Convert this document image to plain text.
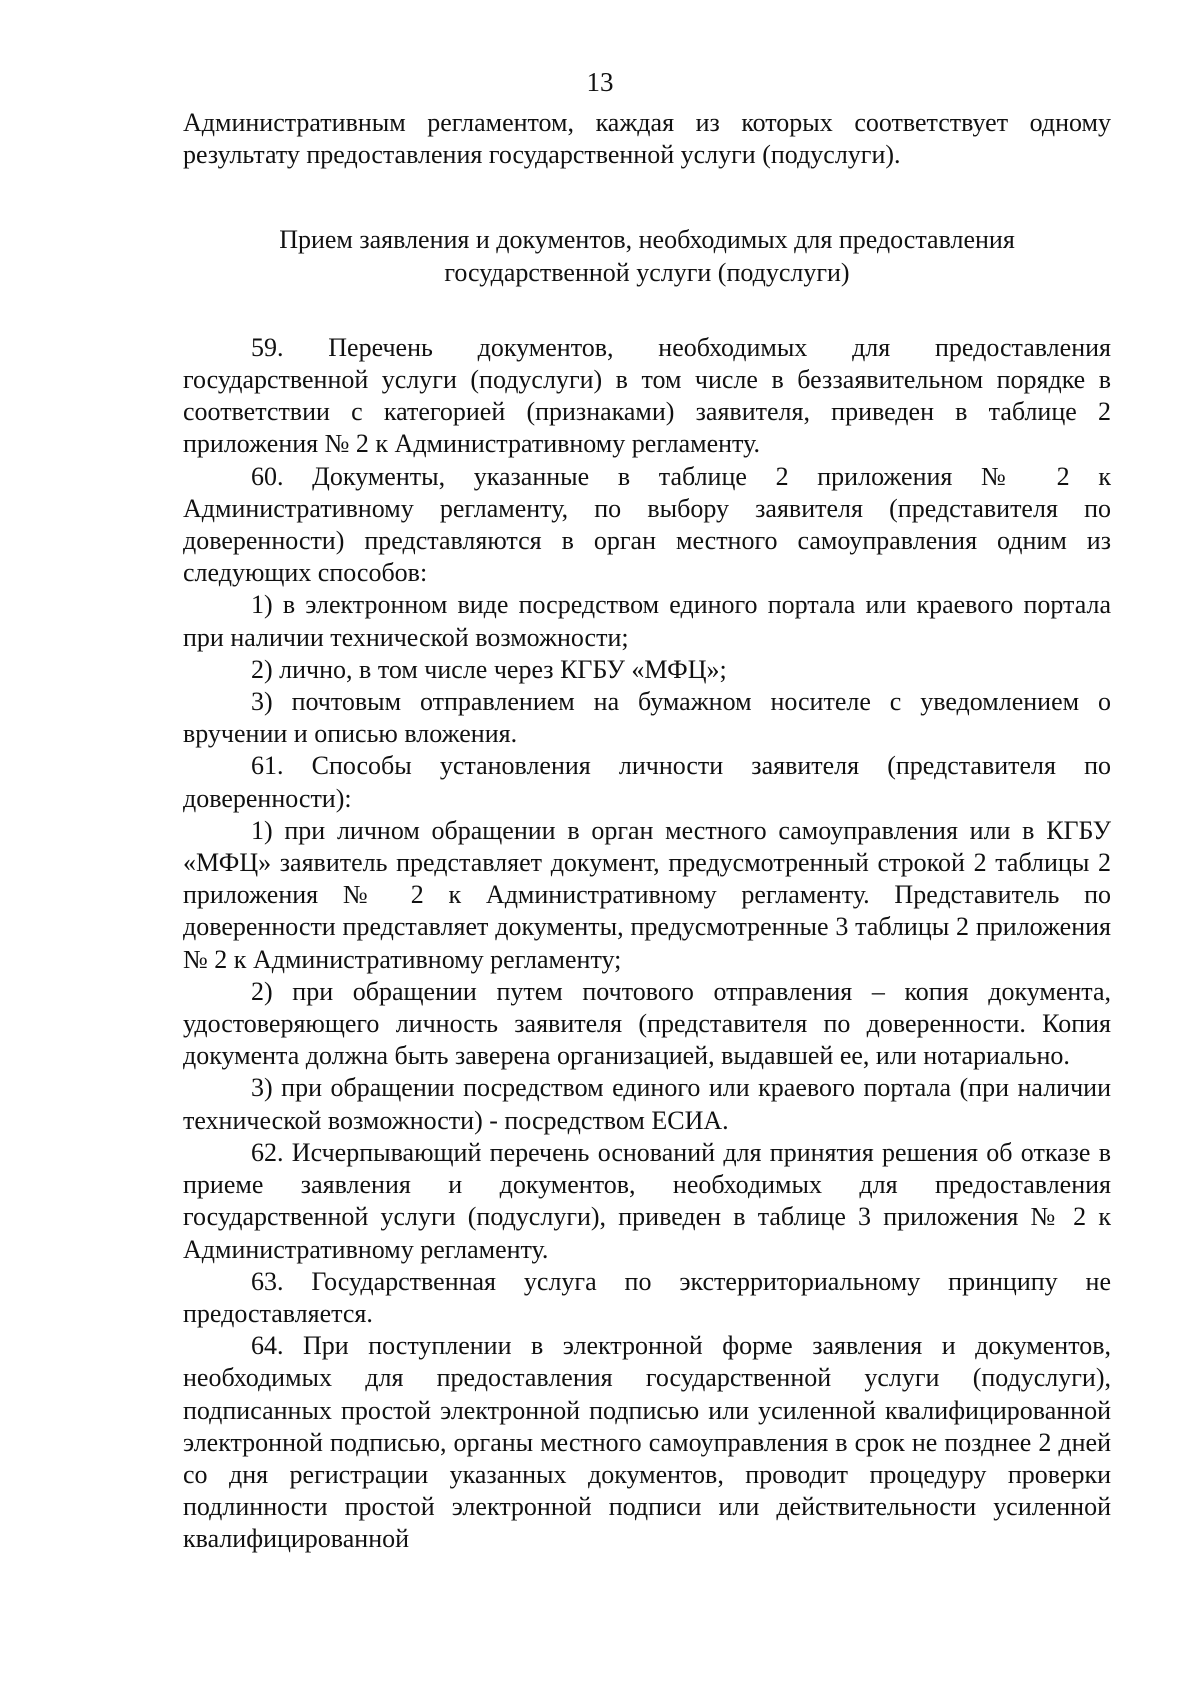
13

Административным регламентом, каждая из которых соответствует одному результату предоставления государственной услуги (подуслуги).

Прием заявления и документов, необходимых для предоставления
государственной услуги (подуслуги)

59. Перечень документов, необходимых для предоставления государственной услуги (подуслуги) в том числе в беззаявительном порядке в соответствии с категорией (признаками) заявителя, приведен в таблице 2 приложения № 2 к Административному регламенту.

60. Документы, указанные в таблице 2 приложения № 2 к Административному регламенту, по выбору заявителя (представителя по доверенности) представляются в орган местного самоуправления одним из следующих способов:

1) в электронном виде посредством единого портала или краевого портала при наличии технической возможности;

2) лично, в том числе через КГБУ «МФЦ»;

3) почтовым отправлением на бумажном носителе с уведомлением о вручении и описью вложения.

61. Способы установления личности заявителя (представителя по доверенности):

1) при личном обращении в орган местного самоуправления или в КГБУ «МФЦ» заявитель представляет документ, предусмотренный строкой 2 таблицы 2 приложения № 2 к Административному регламенту. Представитель по доверенности представляет документы, предусмотренные 3 таблицы 2 приложения № 2 к Административному регламенту;

2) при обращении путем почтового отправления – копия документа, удостоверяющего личность заявителя (представителя по доверенности. Копия документа должна быть заверена организацией, выдавшей ее, или нотариально.

3) при обращении посредством единого или краевого портала (при наличии технической возможности) - посредством ЕСИА.

62. Исчерпывающий перечень оснований для принятия решения об отказе в приеме заявления и документов, необходимых для предоставления государственной услуги (подуслуги), приведен в таблице 3 приложения № 2 к Административному регламенту.

63. Государственная услуга по экстерриториальному принципу не предоставляется.

64. При поступлении в электронной форме заявления и документов, необходимых для предоставления государственной услуги (подуслуги), подписанных простой электронной подписью или усиленной квалифицированной электронной подписью, органы местного самоуправления в срок не позднее 2 дней со дня регистрации указанных документов, проводит процедуру проверки подлинности простой электронной подписи или действительности усиленной квалифицированной
